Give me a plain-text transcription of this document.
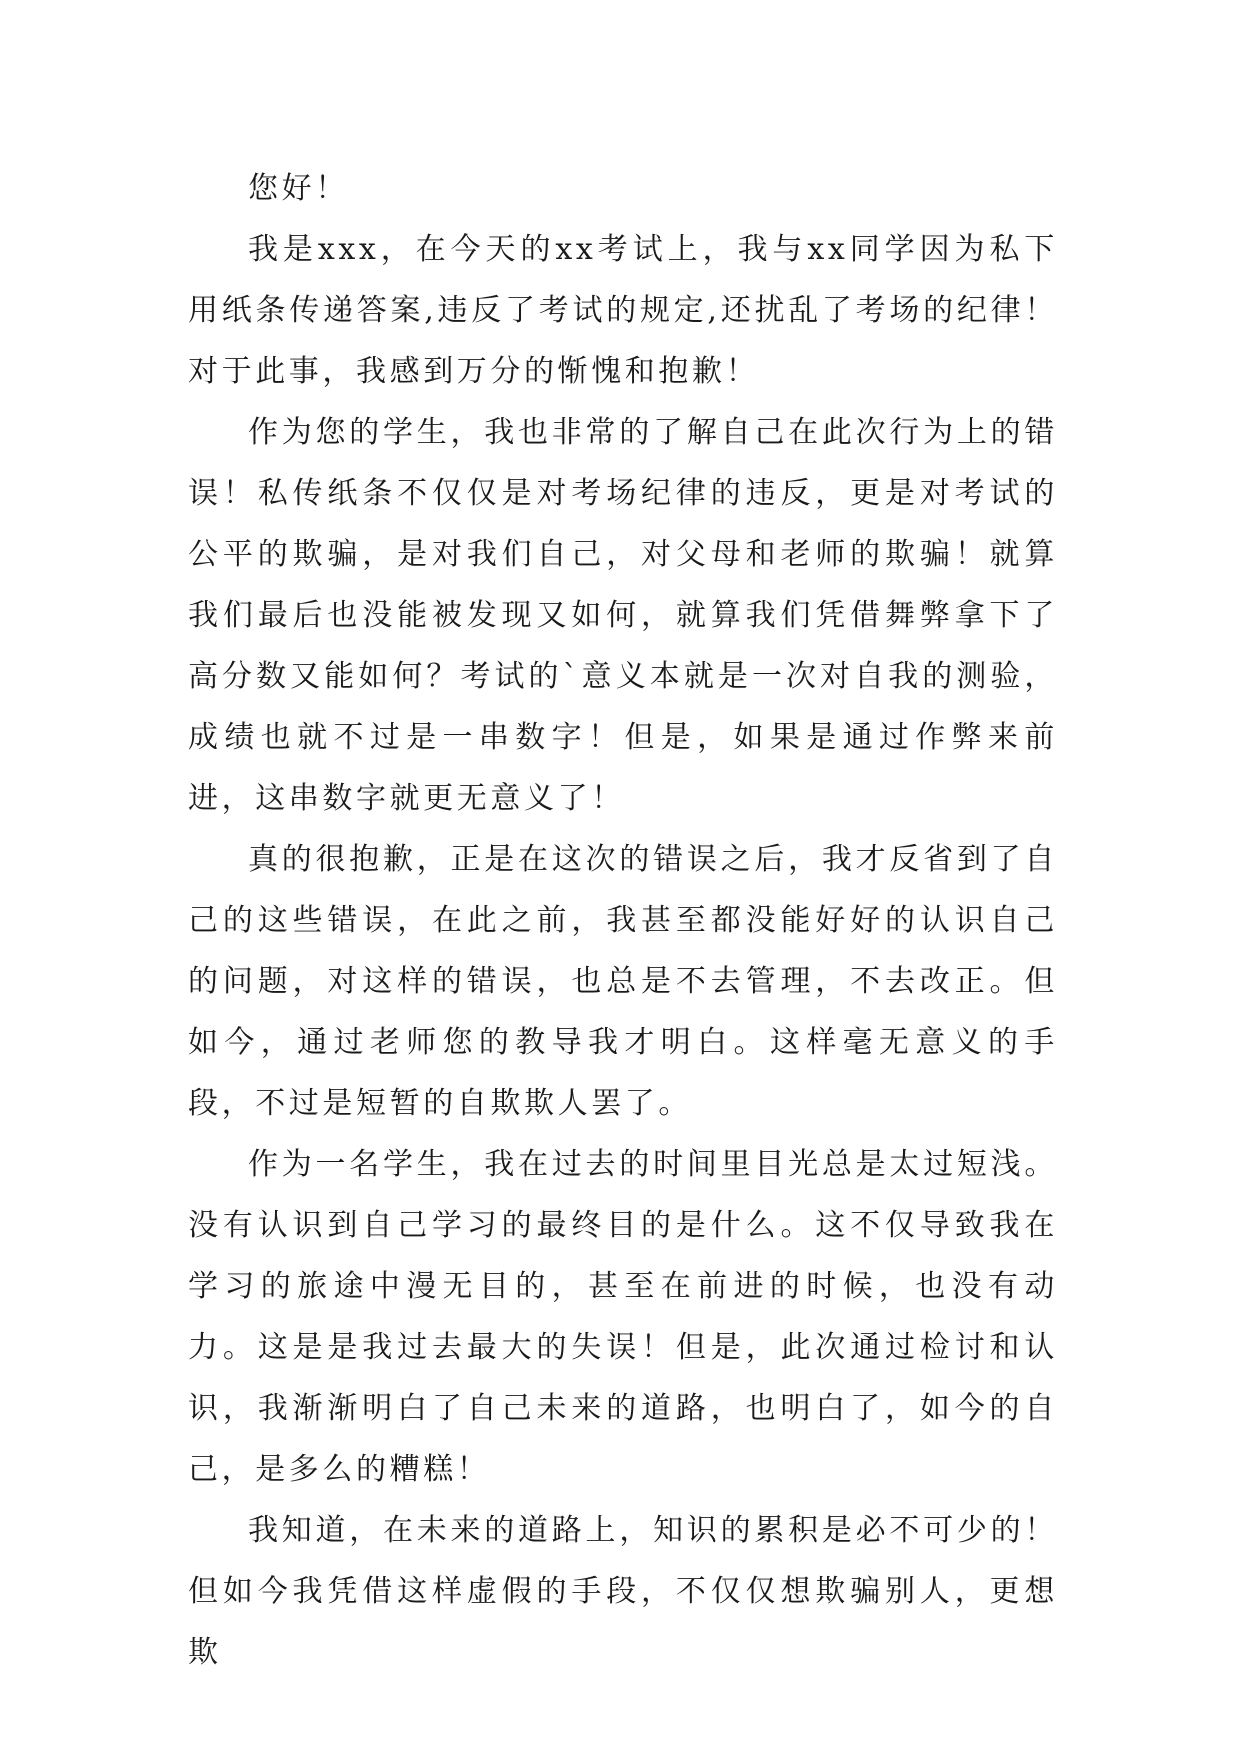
您好！

我是xxx，在今天的xx考试上，我与xx同学因为私下用纸条传递答案,违反了考试的规定,还扰乱了考场的纪律！对于此事，我感到万分的惭愧和抱歉！

作为您的学生，我也非常的了解自己在此次行为上的错误！私传纸条不仅仅是对考场纪律的违反，更是对考试的公平的欺骗，是对我们自己，对父母和老师的欺骗！就算我们最后也没能被发现又如何，就算我们凭借舞弊拿下了高分数又能如何？考试的`意义本就是一次对自我的测验，成绩也就不过是一串数字！但是，如果是通过作弊来前进，这串数字就更无意义了！

真的很抱歉，正是在这次的错误之后，我才反省到了自己的这些错误，在此之前，我甚至都没能好好的认识自己的问题，对这样的错误，也总是不去管理，不去改正。但如今，通过老师您的教导我才明白。这样毫无意义的手段，不过是短暂的自欺欺人罢了。

作为一名学生，我在过去的时间里目光总是太过短浅。没有认识到自己学习的最终目的是什么。这不仅导致我在学习的旅途中漫无目的，甚至在前进的时候，也没有动力。这是是我过去最大的失误！但是，此次通过检讨和认识，我渐渐明白了自己未来的道路，也明白了，如今的自己，是多么的糟糕！

我知道，在未来的道路上，知识的累积是必不可少的！但如今我凭借这样虚假的手段，不仅仅想欺骗别人，更想欺
